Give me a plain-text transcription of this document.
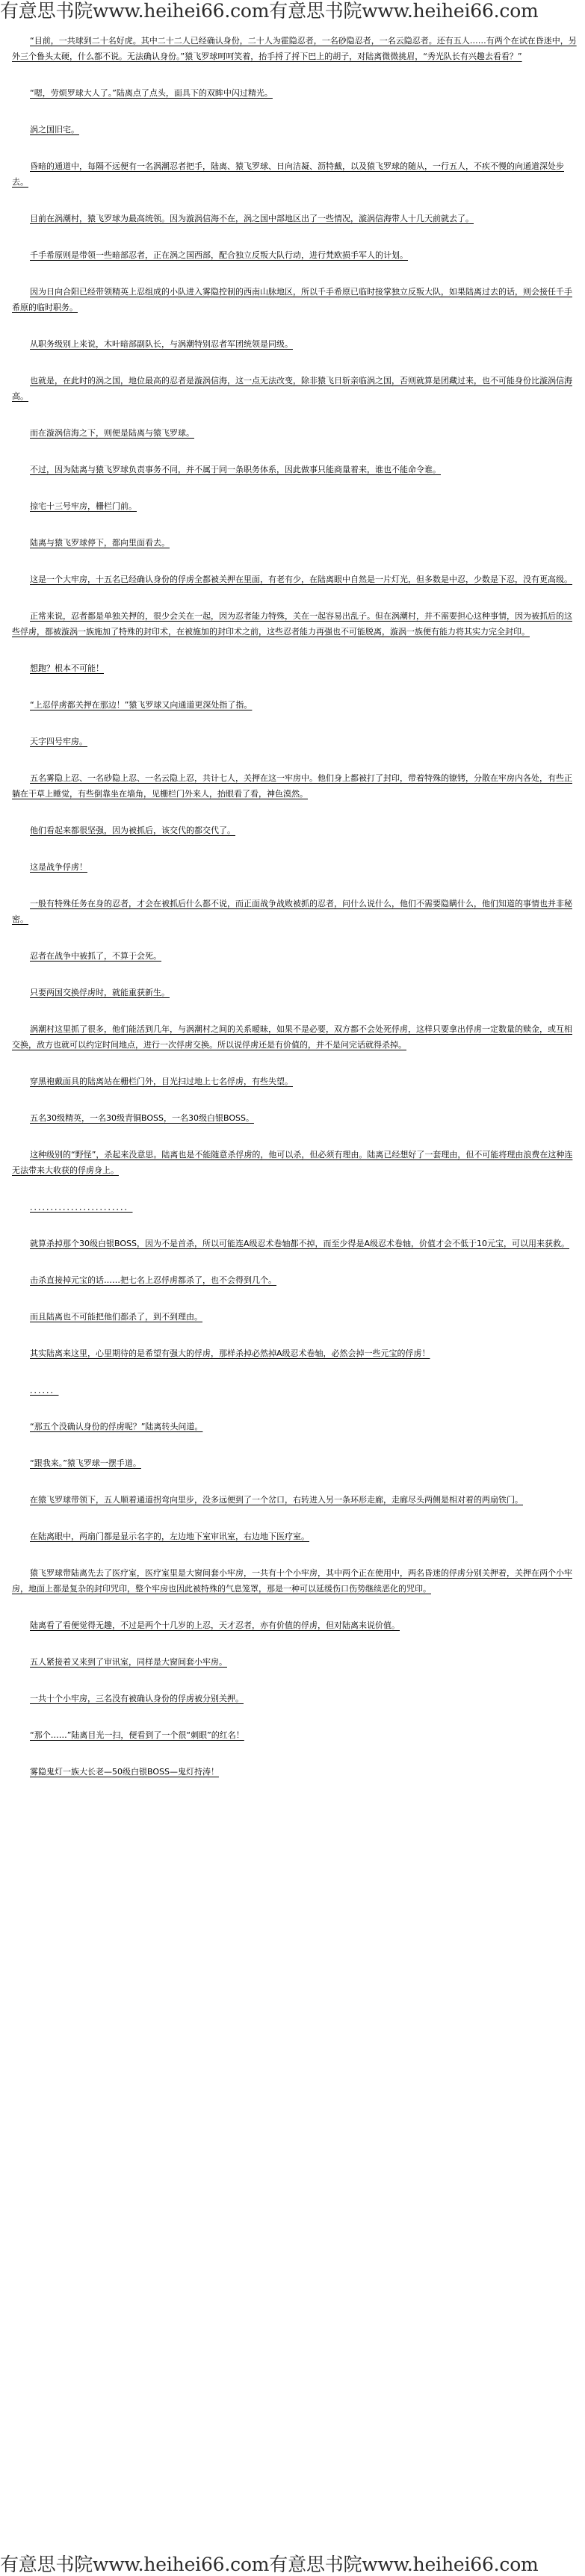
有意思书院www.heihei66.com有意思书院www.heihei66.com

“目前，一共球到二十名好虎。其中二十二人已经确认身份，二十人为霍隐忍者，一名砂隐忍者，一名云隐忍者。还有五人……有两个在试在昏迷中，另外三个鲁头太硬，什么都不说。无法确认身份。”猿飞罗球呵呵笑着，抬手捋了捋下巴上的胡子，对陆离微微挑眉，“秀光队长有兴趣去看看？”

“嗯，劳烦罗球大人了。”陆离点了点头，面具下的双眸中闪过精光。

涡之国旧宅。

昏暗的通道中，每隔不远便有一名涡潮忍者把手，陆离、猿飞罗球、日向洁凝、沥特戴，以及猿飞罗球的随从，一行五人，不疾不慢的向通道深处步去。

目前在涡潮村，猿飞罗球为最高统领。因为漩涡信海不在，涡之国中部地区出了一些情况，漩涡信海带人十几天前就去了。

千手希原则是带领一些暗部忍者，正在涡之国西部，配合独立反叛大队行动，进行梵欧损手军人的计划。

因为日向合阳已经带领精英上忍组成的小队进入雾隐控制的西南山脉地区，所以千手希原已临时接掌独立反叛大队，如果陆离过去的话，则会接任千手希原的临时职务。

从职务级别上来说，木叶暗部副队长，与涡潮特别忍者军团统领是同级。

也就是，在此时的涡之国，地位最高的忍者是漩涡信海，这一点无法改变，除非猿飞日斩亲临涡之国，否则就算是团藏过来，也不可能身份比漩涡信海高。

而在漩涡信海之下，则便是陆离与猿飞罗球。

不过，因为陆离与猿飞罗球负责事务不同，并不属于同一条职务体系，因此做事只能商量着来，谁也不能命令谁。

掠宅十三号牢房，栅栏门前。

陆离与猿飞罗球停下，都向里面看去。

这是一个大牢房，十五名已经确认身份的俘虏全都被关押在里面，有老有少，在陆离眼中自然是一片灯光，但多数是中忍，少数是下忍，没有更高级。

正常来说，忍者都是单独关押的，很少会关在一起，因为忍者能力特殊，关在一起容易出乱子。但在涡潮村，并不需要担心这种事情，因为被抓后的这些俘虏，都被漩涡一族施加了特殊的封印术，在被施加的封印术之前，这些忍者能力再强也不可能脱离，漩涡一族便有能力将其实力完全封印。

想跑？根本不可能！

“上忍俘虏都关押在那边！”猿飞罗球又向通道更深处指了指。

天字四号牢房。

五名雾隐上忍、一名砂隐上忍、一名云隐上忍，共计七人，关押在这一牢房中。他们身上都被打了封印，带着特殊的镣铐，分散在牢房内各处，有些正躺在干草上睡觉，有些倒靠坐在墙角，见栅栏门外来人，抬眼看了看，神色漠然。

他们看起来都很坚强，因为被抓后，该交代的都交代了。

这是战争俘虏！

一般有特殊任务在身的忍者，才会在被抓后什么都不说，而正面战争战败被抓的忍者，问什么说什么，他们不需要隐瞒什么，他们知道的事情也并非秘密。

忍者在战争中被抓了，不算于会死。

只要两国交换俘虏时，就能重获新生。

涡潮村这里抓了很多，他们能活到几年，与涡潮村之间的关系暧昧，如果不是必要，双方都不会处死俘虏，这样只要拿出俘虏一定数量的赎金，或互相交换，敌方也就可以约定时间地点，进行一次俘虏交换。所以说俘虏还是有价值的，并不是问完话就得杀掉。

穿黑袍戴面具的陆离站在栅栏门外，目光扫过地上七名俘虏，有些失望。

五名30级精英，一名30级青铜BOSS，一名30级白银BOSS。

这种级别的“野怪”，杀起来没意思。陆离也是不能随意杀俘虏的，他可以杀，但必须有理由。陆离已经想好了一套理由，但不可能将理由浪费在这种连无法带来大收获的俘虏身上。

．．．．．．．．．．．．．．．．．．．．．．．．

就算杀掉那个30级白银BOSS，因为不是首杀，所以可能连A级忍术卷轴都不掉，而至少得是A级忍术卷轴，价值才会不低于10元宝，可以用来获救。

击杀直接掉元宝的话……把七名上忍俘虏都杀了，也不会得到几个。

而且陆离也不可能把他们都杀了，到不到理由。

其实陆离来这里，心里期待的是希望有强大的俘虏，那样杀掉必然掉A级忍术卷轴，必然会掉一些元宝的俘虏！

．．．．．．

“那五个没确认身份的俘虏呢？”陆离转头问道。

“跟我来。”猿飞罗球一摆手道。

在猿飞罗球带领下，五人顺着通道拐弯向里步，没多远便到了一个岔口，右转进入另一条环形走廊，走廊尽头两侧是相对着的两扇铁门。

在陆离眼中，两扇门都是显示名字的，左边地下室审讯室，右边地下医疗室。

猿飞罗球带陆离先去了医疗室，医疗室里是大窗间套小牢房，一共有十个小牢房，其中两个正在使用中，两名昏迷的俘虏分别关押着，关押在两个小牢房，地面上都是复杂的封印咒印，整个牢房也因此被特殊的气息笼罩，那是一种可以延缓伤口伤势继续恶化的咒印。

陆离看了看便觉得无趣，不过是两个十几岁的上忍，天才忍者，亦有价值的俘虏，但对陆离来说价值。

五人紧接着又来到了审讯室，同样是大窗间套小牢房。

一共十个小牢房，三名没有被确认身份的俘虏被分别关押。

“那个……”陆离目光一扫，便看到了一个很“刺眼”的红名！

雾隐鬼灯一族大长老—50级白银BOSS—鬼灯持涛！

有意思书院www.heihei66.com有意思书院www.heihei66.com
